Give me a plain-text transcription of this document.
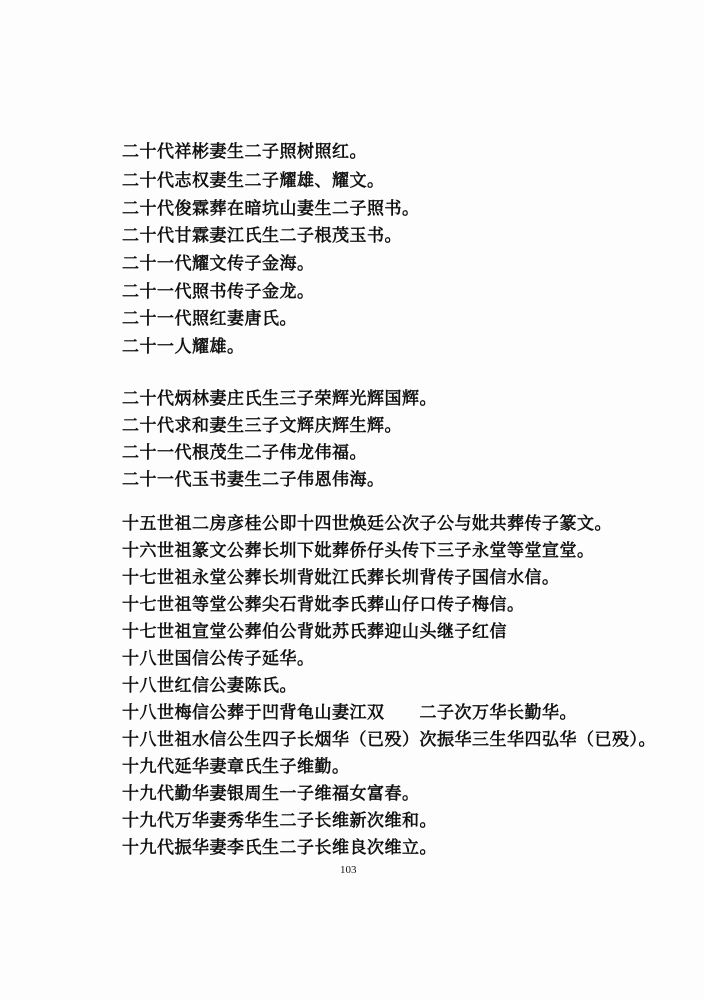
二十代祥彬妻生二子照树照红。
二十代志权妻生二子耀雄、耀文。
二十代俊霖葬在暗坑山妻生二子照书。
二十代甘霖妻江氏生二子根茂玉书。
二十一代耀文传子金海。
二十一代照书传子金龙。
二十一代照红妻唐氏。
二十一人耀雄。
二十代炳林妻庄氏生三子荣辉光辉国辉。
二十代求和妻生三子文辉庆辉生辉。
二十一代根茂生二子伟龙伟福。
二十一代玉书妻生二子伟恩伟海。
十五世祖二房彦桂公即十四世焕廷公次子公与妣共葬传子篆文。
十六世祖篆文公葬长圳下妣葬侨仔头传下三子永堂等堂宣堂。
十七世祖永堂公葬长圳背妣江氏葬长圳背传子国信水信。
十七世祖等堂公葬尖石背妣李氏葬山仔口传子梅信。
十七世祖宣堂公葬伯公背妣苏氏葬迎山头继子红信
十八世国信公传子延华。
十八世红信公妻陈氏。
十八世梅信公葬于凹背龟山妻江双　　二子次万华长勤华。
十八世祖水信公生四子长烟华（已殁）次振华三生华四弘华（已殁）。
十九代延华妻章氏生子维勤。
十九代勤华妻银周生一子维福女富春。
十九代万华妻秀华生二子长维新次维和。
103
十九代振华妻李氏生二子长维良次维立。
